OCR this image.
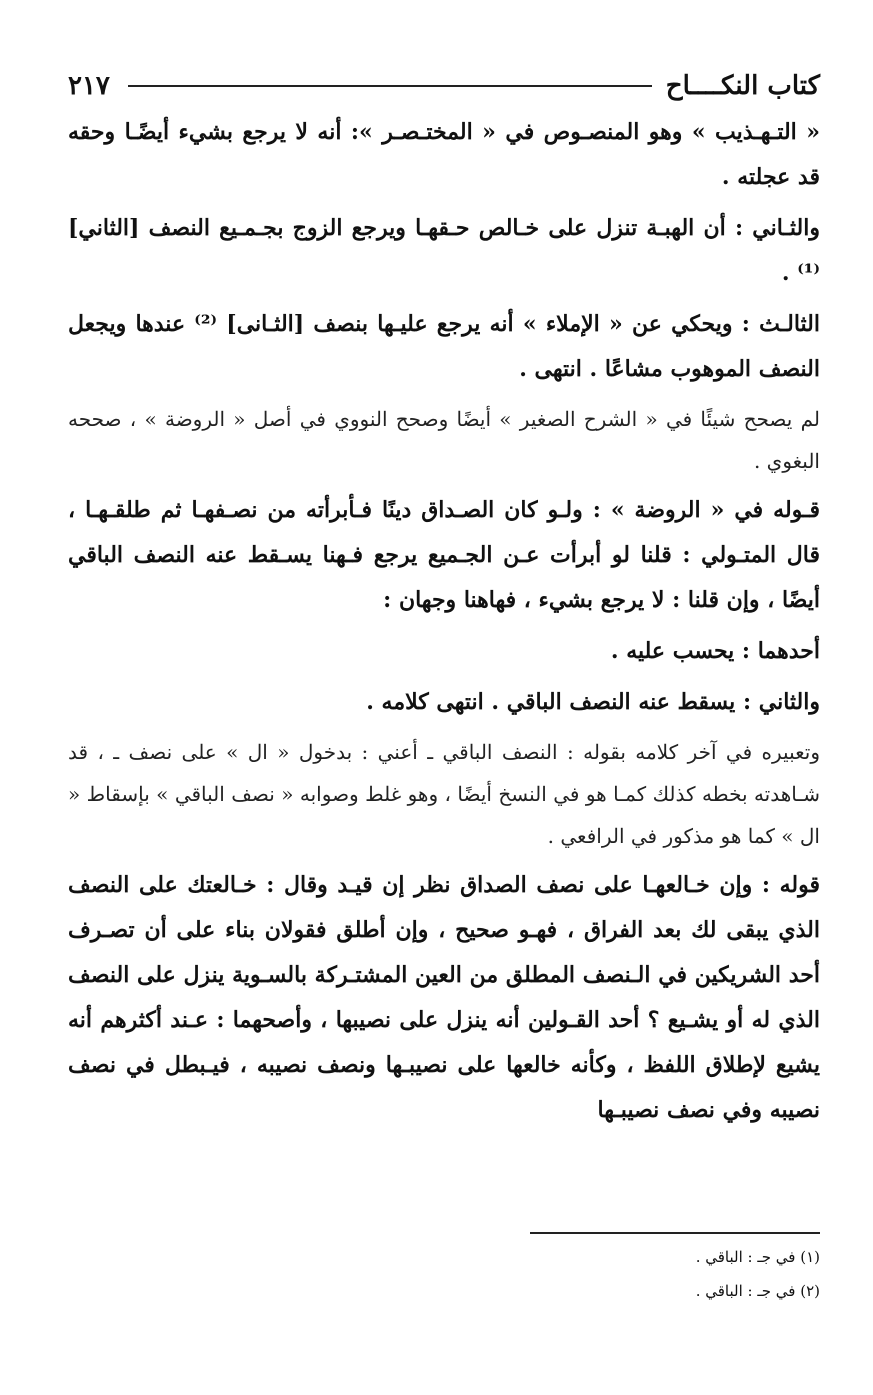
كتاب النكــــاح
٢١٧

« التـهـذيب » وهو المنصـوص في « المختـصـر »: أنه لا يرجع بشيء أيضًـا وحقه قد عجلته .

والثـاني : أن الهبـة تنزل على خـالص حـقهـا ويرجع الزوج بجـمـيع النصف [الثاني] ⁽¹⁾ .

الثالـث : ويحكي عن « الإملاء » أنه يرجع عليـها بنصف [الثـانى] ⁽²⁾ عندها ويجعل النصف الموهوب مشاعًا . انتهى .

لم يصحح شيئًا في « الشرح الصغير » أيضًا وصحح النووي في أصل « الروضة » ، صححه البغوي .

قـوله في « الروضة » : ولـو كان الصـداق دينًا فـأبرأته من نصـفهـا ثم طلقـهـا ، قال المتـولي : قلنا لو أبرأت عـن الجـميع يرجع فـهنا يسـقط عنه النصف الباقي أيضًا ، وإن قلنا : لا يرجع بشيء ، فهاهنا وجهان :

أحدهما : يحسب عليه .

والثاني : يسقط عنه النصف الباقي . انتهى كلامه .

وتعبيره في آخر كلامه بقوله : النصف الباقي ـ أعني : بدخول « ال » على نصف ـ ، قد شـاهدته بخطه كذلك كمـا هو في النسخ أيضًا ، وهو غلط وصوابه « نصف الباقي » بإسقاط « ال » كما هو مذكور في الرافعي .

قوله : وإن خـالعهـا على نصف الصداق نظر إن قيـد وقال : خـالعتك على النصف الذي يبقى لك بعد الفراق ، فهـو صحيح ، وإن أطلق فقولان بناء على أن تصـرف أحد الشريكين في الـنصف المطلق من العين المشتـركة بالسـوية ينزل على النصف الذي له أو يشـيع ؟ أحد القـولين أنه ينزل على نصيبها ، وأصحهما : عـند أكثرهم أنه يشيع لإطلاق اللفظ ، وكأنه خالعها على نصيبـها ونصف نصيبه ، فيـبطل في نصف نصيبه وفي نصف نصيبـها

(١) في جـ : الباقي .

(٢) في جـ : الباقي .
